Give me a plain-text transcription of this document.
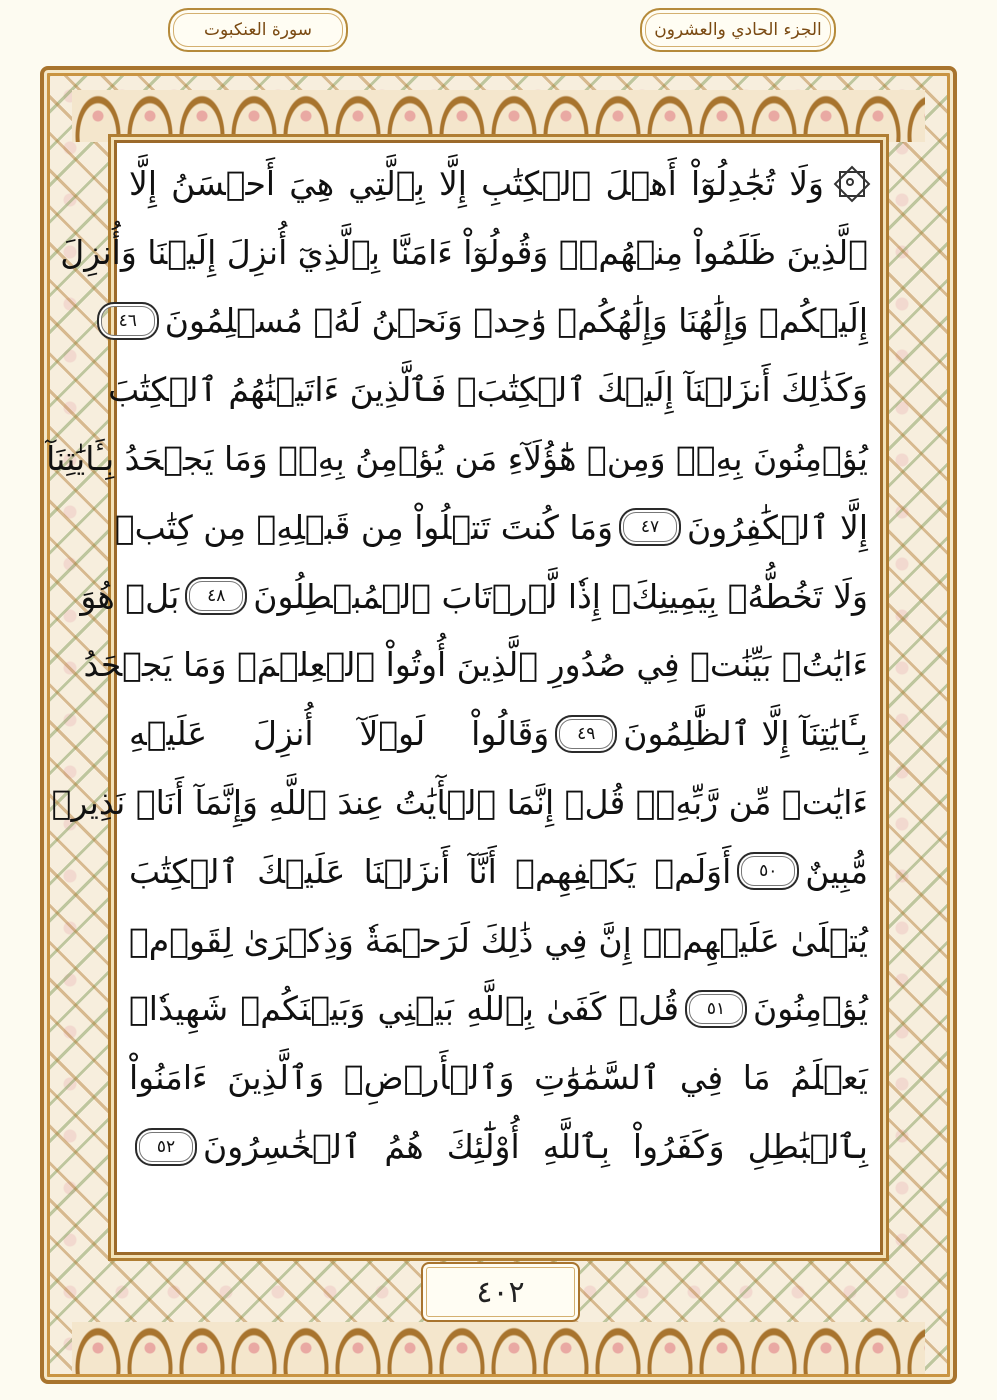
الجزء الحادي والعشرون
سورة العنكبوت
وَلَا تُجَٰدِلُوٓاْ أَهۡلَ ٱلۡكِتَٰبِ إِلَّا بِٱلَّتِي هِيَ أَحۡسَنُ إِلَّا
ٱلَّذِينَ ظَلَمُواْ مِنۡهُمۡۖ وَقُولُوٓاْ ءَامَنَّا بِٱلَّذِيٓ أُنزِلَ إِلَيۡنَا وَأُنزِلَ
إِلَيۡكُمۡ وَإِلَٰهُنَا وَإِلَٰهُكُمۡ وَٰحِدٞ وَنَحۡنُ لَهُۥ مُسۡلِمُونَ
٤٦
وَكَذَٰلِكَ أَنزَلۡنَآ إِلَيۡكَ ٱلۡكِتَٰبَۚ فَٱلَّذِينَ ءَاتَيۡنَٰهُمُ ٱلۡكِتَٰبَ
يُؤۡمِنُونَ بِهِۦۖ وَمِنۡ هَٰٓؤُلَآءِ مَن يُؤۡمِنُ بِهِۦۚ وَمَا يَجۡحَدُ بِـَٔايَٰتِنَآ
إِلَّا ٱلۡكَٰفِرُونَ
٤٧
وَمَا كُنتَ تَتۡلُواْ مِن قَبۡلِهِۦ مِن كِتَٰبٖ
وَلَا تَخُطُّهُۥ بِيَمِينِكَۖ إِذٗا لَّٱرۡتَابَ ٱلۡمُبۡطِلُونَ
٤٨
بَلۡ هُوَ
ءَايَٰتُۢ بَيِّنَٰتٞ فِي صُدُورِ ٱلَّذِينَ أُوتُواْ ٱلۡعِلۡمَۚ وَمَا يَجۡحَدُ
بِـَٔايَٰتِنَآ إِلَّا ٱلظَّٰلِمُونَ
٤٩
وَقَالُواْ لَوۡلَآ أُنزِلَ عَلَيۡهِ
ءَايَٰتٞ مِّن رَّبِّهِۦۖ قُلۡ إِنَّمَا ٱلۡأٓيَٰتُ عِندَ ٱللَّهِ وَإِنَّمَآ أَنَا۠ نَذِيرٞ
مُّبِينٌ
٥٠
أَوَلَمۡ يَكۡفِهِمۡ أَنَّآ أَنزَلۡنَا عَلَيۡكَ ٱلۡكِتَٰبَ
يُتۡلَىٰ عَلَيۡهِمۡۚ إِنَّ فِي ذَٰلِكَ لَرَحۡمَةٗ وَذِكۡرَىٰ لِقَوۡمٖ
يُؤۡمِنُونَ
٥١
قُلۡ كَفَىٰ بِٱللَّهِ بَيۡنِي وَبَيۡنَكُمۡ شَهِيدٗاۖ
يَعۡلَمُ مَا فِي ٱلسَّمَٰوَٰتِ وَٱلۡأَرۡضِۗ وَٱلَّذِينَ ءَامَنُواْ
بِٱلۡبَٰطِلِ وَكَفَرُواْ بِٱللَّهِ أُوْلَٰٓئِكَ هُمُ ٱلۡخَٰسِرُونَ
٥٢
٤٠٢
